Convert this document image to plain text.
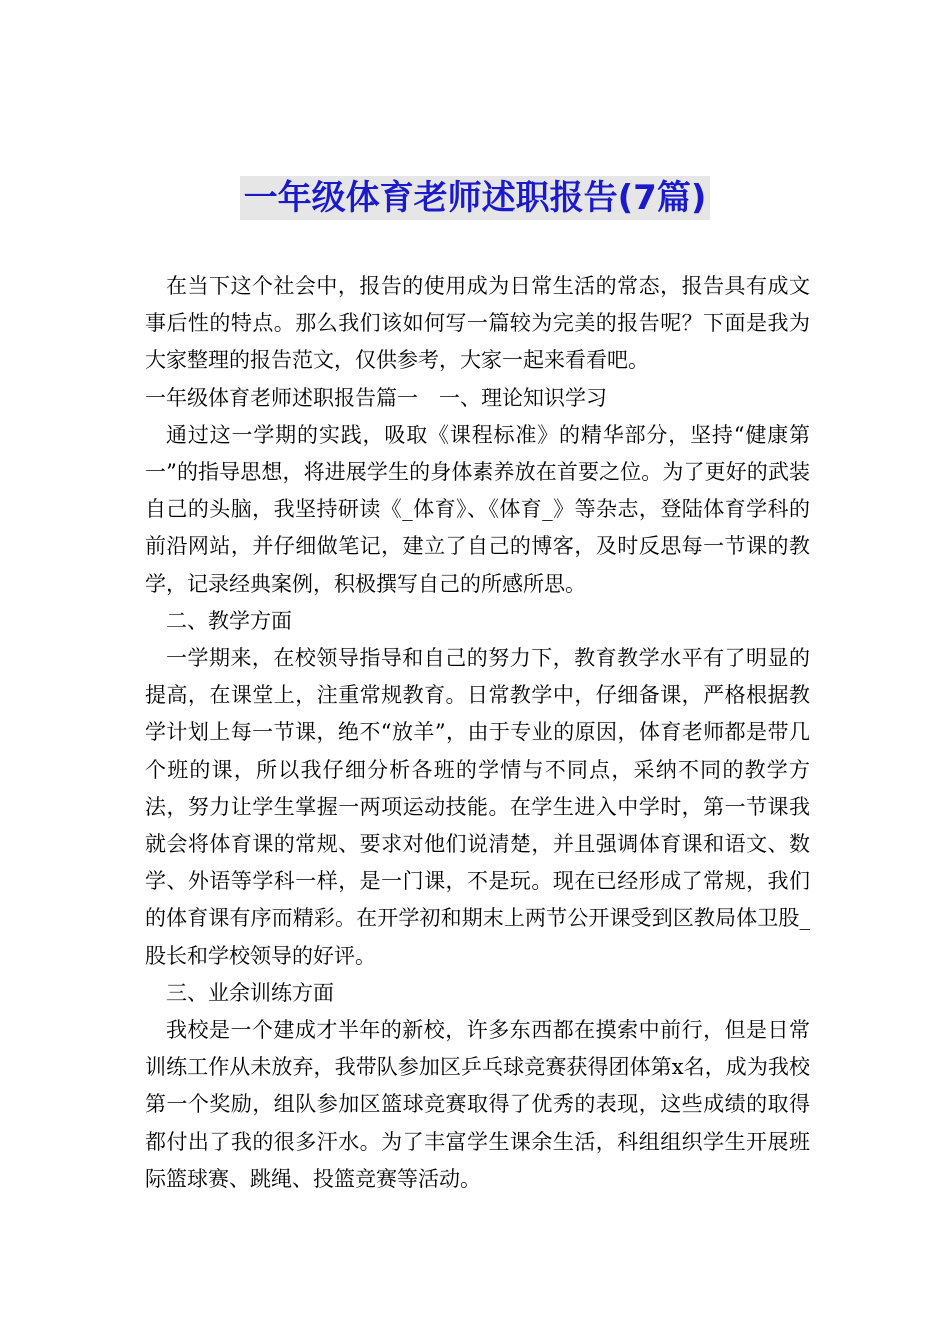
一年级体育老师述职报告(7篇)

在当下这个社会中，报告的使用成为日常生活的常态，报告具有成文事后性的特点。那么我们该如何写一篇较为完美的报告呢？下面是我为大家整理的报告范文，仅供参考，大家一起来看看吧。

一年级体育老师述职报告篇一　一、理论知识学习

通过这一学期的实践，吸取《课程标准》的精华部分，坚持“健康第一”的指导思想，将进展学生的身体素养放在首要之位。为了更好的武装自己的头脑，我坚持研读《_体育》、《体育_》等杂志，登陆体育学科的前沿网站，并仔细做笔记，建立了自己的博客，及时反思每一节课的教学，记录经典案例，积极撰写自己的所感所思。

二、教学方面

一学期来，在校领导指导和自己的努力下，教育教学水平有了明显的提高，在课堂上，注重常规教育。日常教学中，仔细备课，严格根据教学计划上每一节课，绝不“放羊”，由于专业的原因，体育老师都是带几个班的课，所以我仔细分析各班的学情与不同点，采纳不同的教学方法，努力让学生掌握一两项运动技能。在学生进入中学时，第一节课我就会将体育课的常规、要求对他们说清楚，并且强调体育课和语文、数学、外语等学科一样，是一门课，不是玩。现在已经形成了常规，我们的体育课有序而精彩。在开学初和期末上两节公开课受到区教局体卫股_股长和学校领导的好评。

三、业余训练方面

我校是一个建成才半年的新校，许多东西都在摸索中前行，但是日常训练工作从未放弃，我带队参加区乒乓球竞赛获得团体第x名，成为我校第一个奖励，组队参加区篮球竞赛取得了优秀的表现，这些成绩的取得都付出了我的很多汗水。为了丰富学生课余生活，科组组织学生开展班际篮球赛、跳绳、投篮竞赛等活动。
